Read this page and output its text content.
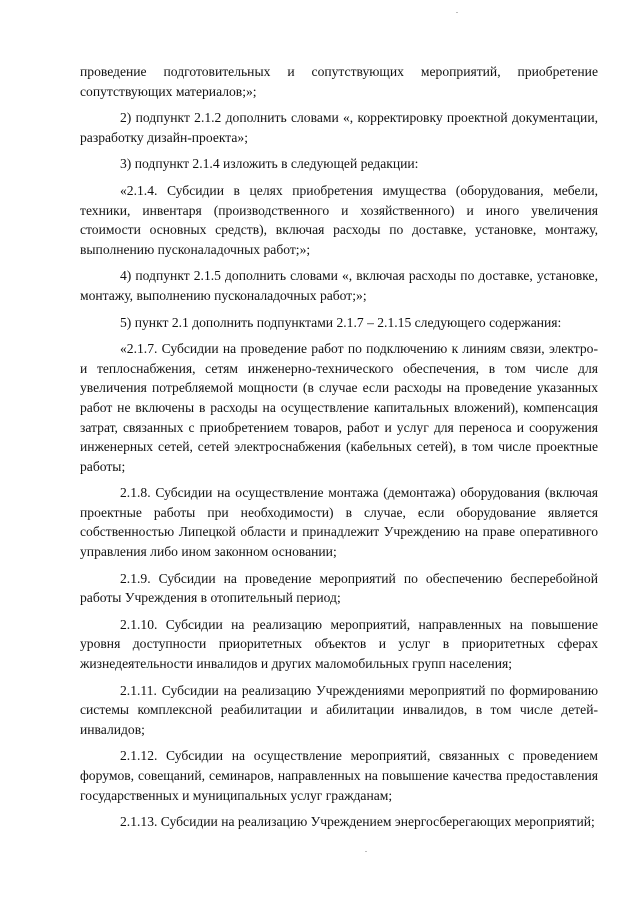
проведение подготовительных и сопутствующих мероприятий, приобретение сопутствующих материалов;»;

2) подпункт 2.1.2 дополнить словами «, корректировку проектной документации, разработку дизайн-проекта»;

3) подпункт 2.1.4 изложить в следующей редакции:

«2.1.4. Субсидии в целях приобретения имущества (оборудования, мебели, техники, инвентаря (производственного и хозяйственного) и иного увеличения стоимости основных средств), включая расходы по доставке, установке, монтажу, выполнению пусконаладочных работ;»;

4) подпункт 2.1.5 дополнить словами «, включая расходы по доставке, установке, монтажу, выполнению пусконаладочных работ;»;

5) пункт 2.1 дополнить подпунктами 2.1.7 – 2.1.15 следующего содержания:

«2.1.7. Субсидии на проведение работ по подключению к линиям связи, электро- и теплоснабжения, сетям инженерно-технического обеспечения, в том числе для увеличения потребляемой мощности (в случае если расходы на проведение указанных работ не включены в расходы на осуществление капитальных вложений), компенсация затрат, связанных с приобретением товаров, работ и услуг для переноса и сооружения инженерных сетей, сетей электроснабжения (кабельных сетей), в том числе проектные работы;

2.1.8. Субсидии на осуществление монтажа (демонтажа) оборудования (включая проектные работы при необходимости) в случае, если оборудование является собственностью Липецкой области и принадлежит Учреждению на праве оперативного управления либо ином законном основании;

2.1.9. Субсидии на проведение мероприятий по обеспечению бесперебойной работы Учреждения в отопительный период;

2.1.10. Субсидии на реализацию мероприятий, направленных на повышение уровня доступности приоритетных объектов и услуг в приоритетных сферах жизнедеятельности инвалидов и других маломобильных групп населения;

2.1.11. Субсидии на реализацию Учреждениями мероприятий по формированию системы комплексной реабилитации и абилитации инвалидов, в том числе детей-инвалидов;

2.1.12. Субсидии на осуществление мероприятий, связанных с проведением форумов, совещаний, семинаров, направленных на повышение качества предоставления государственных и муниципальных услуг гражданам;

2.1.13. Субсидии на реализацию Учреждением энергосберегающих мероприятий;
